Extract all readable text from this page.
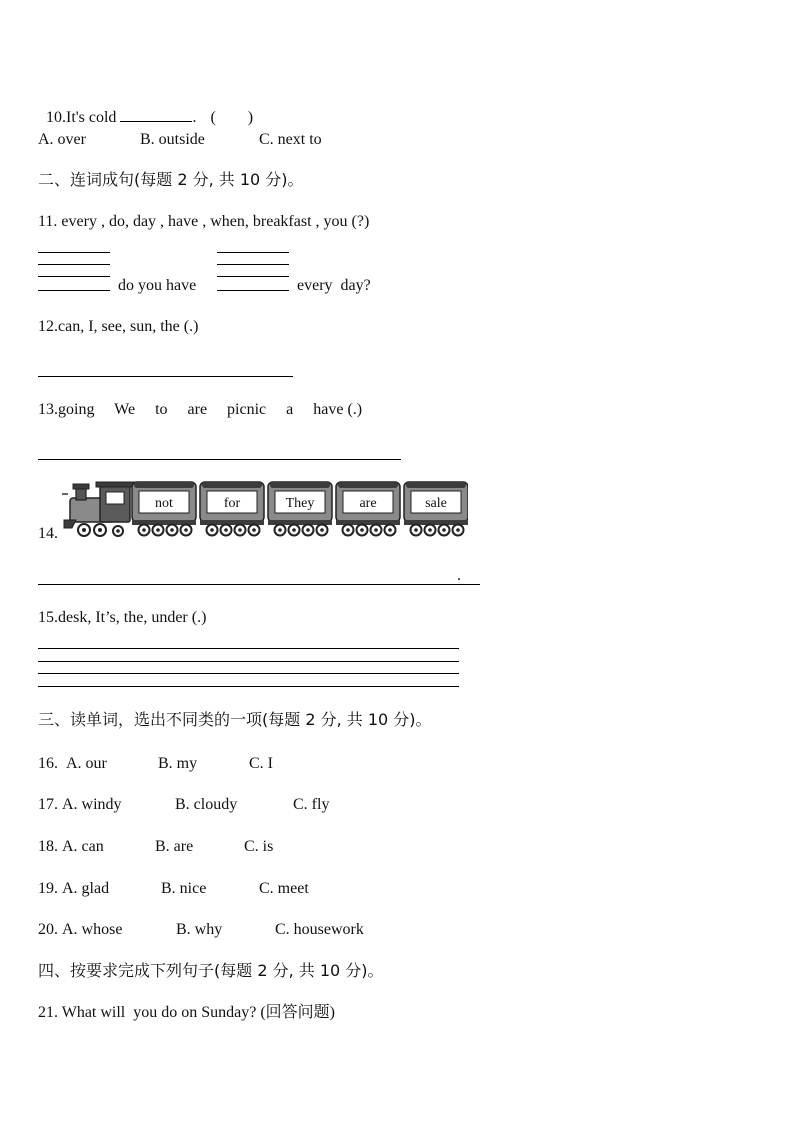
10.It's cold	. (        )

A. over	B. outside	C. next to
二、连词成句(每题 2 分, 共 10 分)。
11. every , do, day , have , when, breakfast , you (?)
do you have	every  day?
12.can, I, see, sun, the (.)
13.going     We     to     are     picnic     a     have (.)
14.
not	for	They	are	sale
.
15.desk, It’s, the, under (.)
三、读单词，选出不同类的一项(每题 2 分, 共 10 分)。
16. A. our	B. my	C. I
17. A. windy	B. cloudy	C. fly
18. A. can	B. are	C. is
19. A. glad	B. nice	C. meet
20. A. whose	B. why	C. housework
四、按要求完成下列句子(每题 2 分, 共 10 分)。
21. What will  you do on Sunday? (回答问题)
